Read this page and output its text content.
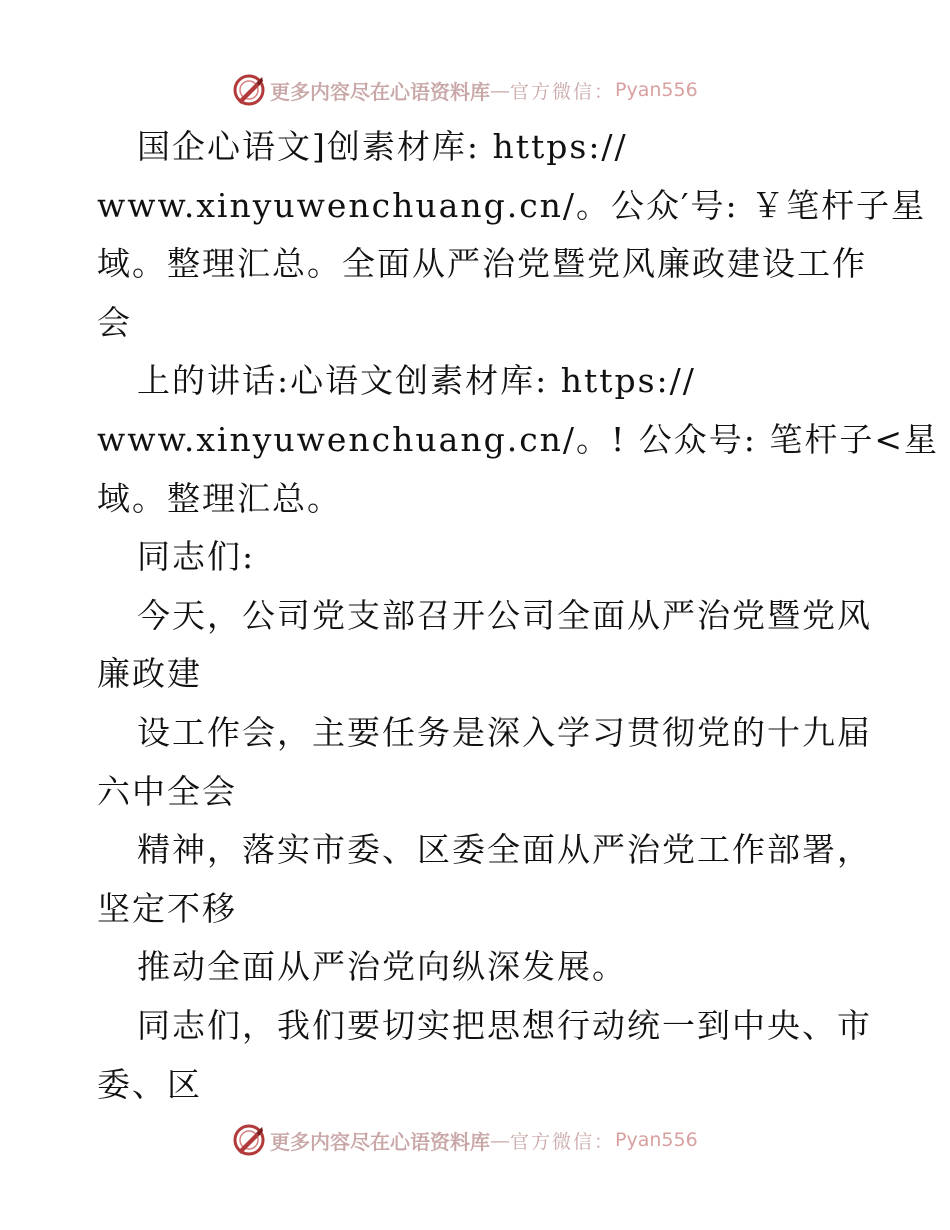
更多内容尽在心语资料库 — 官方微信： Pyan556
国企心语文]创素材库: https://
www.xinyuwenchuang.cn/。公众′号: ￥笔杆子星
域。整理汇总。全面从严治党暨党风廉政建设工作
会
上的讲话:心语文创素材库: https://
www.xinyuwenchuang.cn/。! 公众号: 笔杆子<星
域。整理汇总。
同志们:
今天，公司党支部召开公司全面从严治党暨党风
廉政建
设工作会，主要任务是深入学习贯彻党的十九届
六中全会
精神，落实市委、区委全面从严治党工作部署，
坚定不移
推动全面从严治党向纵深发展。
同志们，我们要切实把思想行动统一到中央、市
委、区
更多内容尽在心语资料库 — 官方微信： Pyan556
